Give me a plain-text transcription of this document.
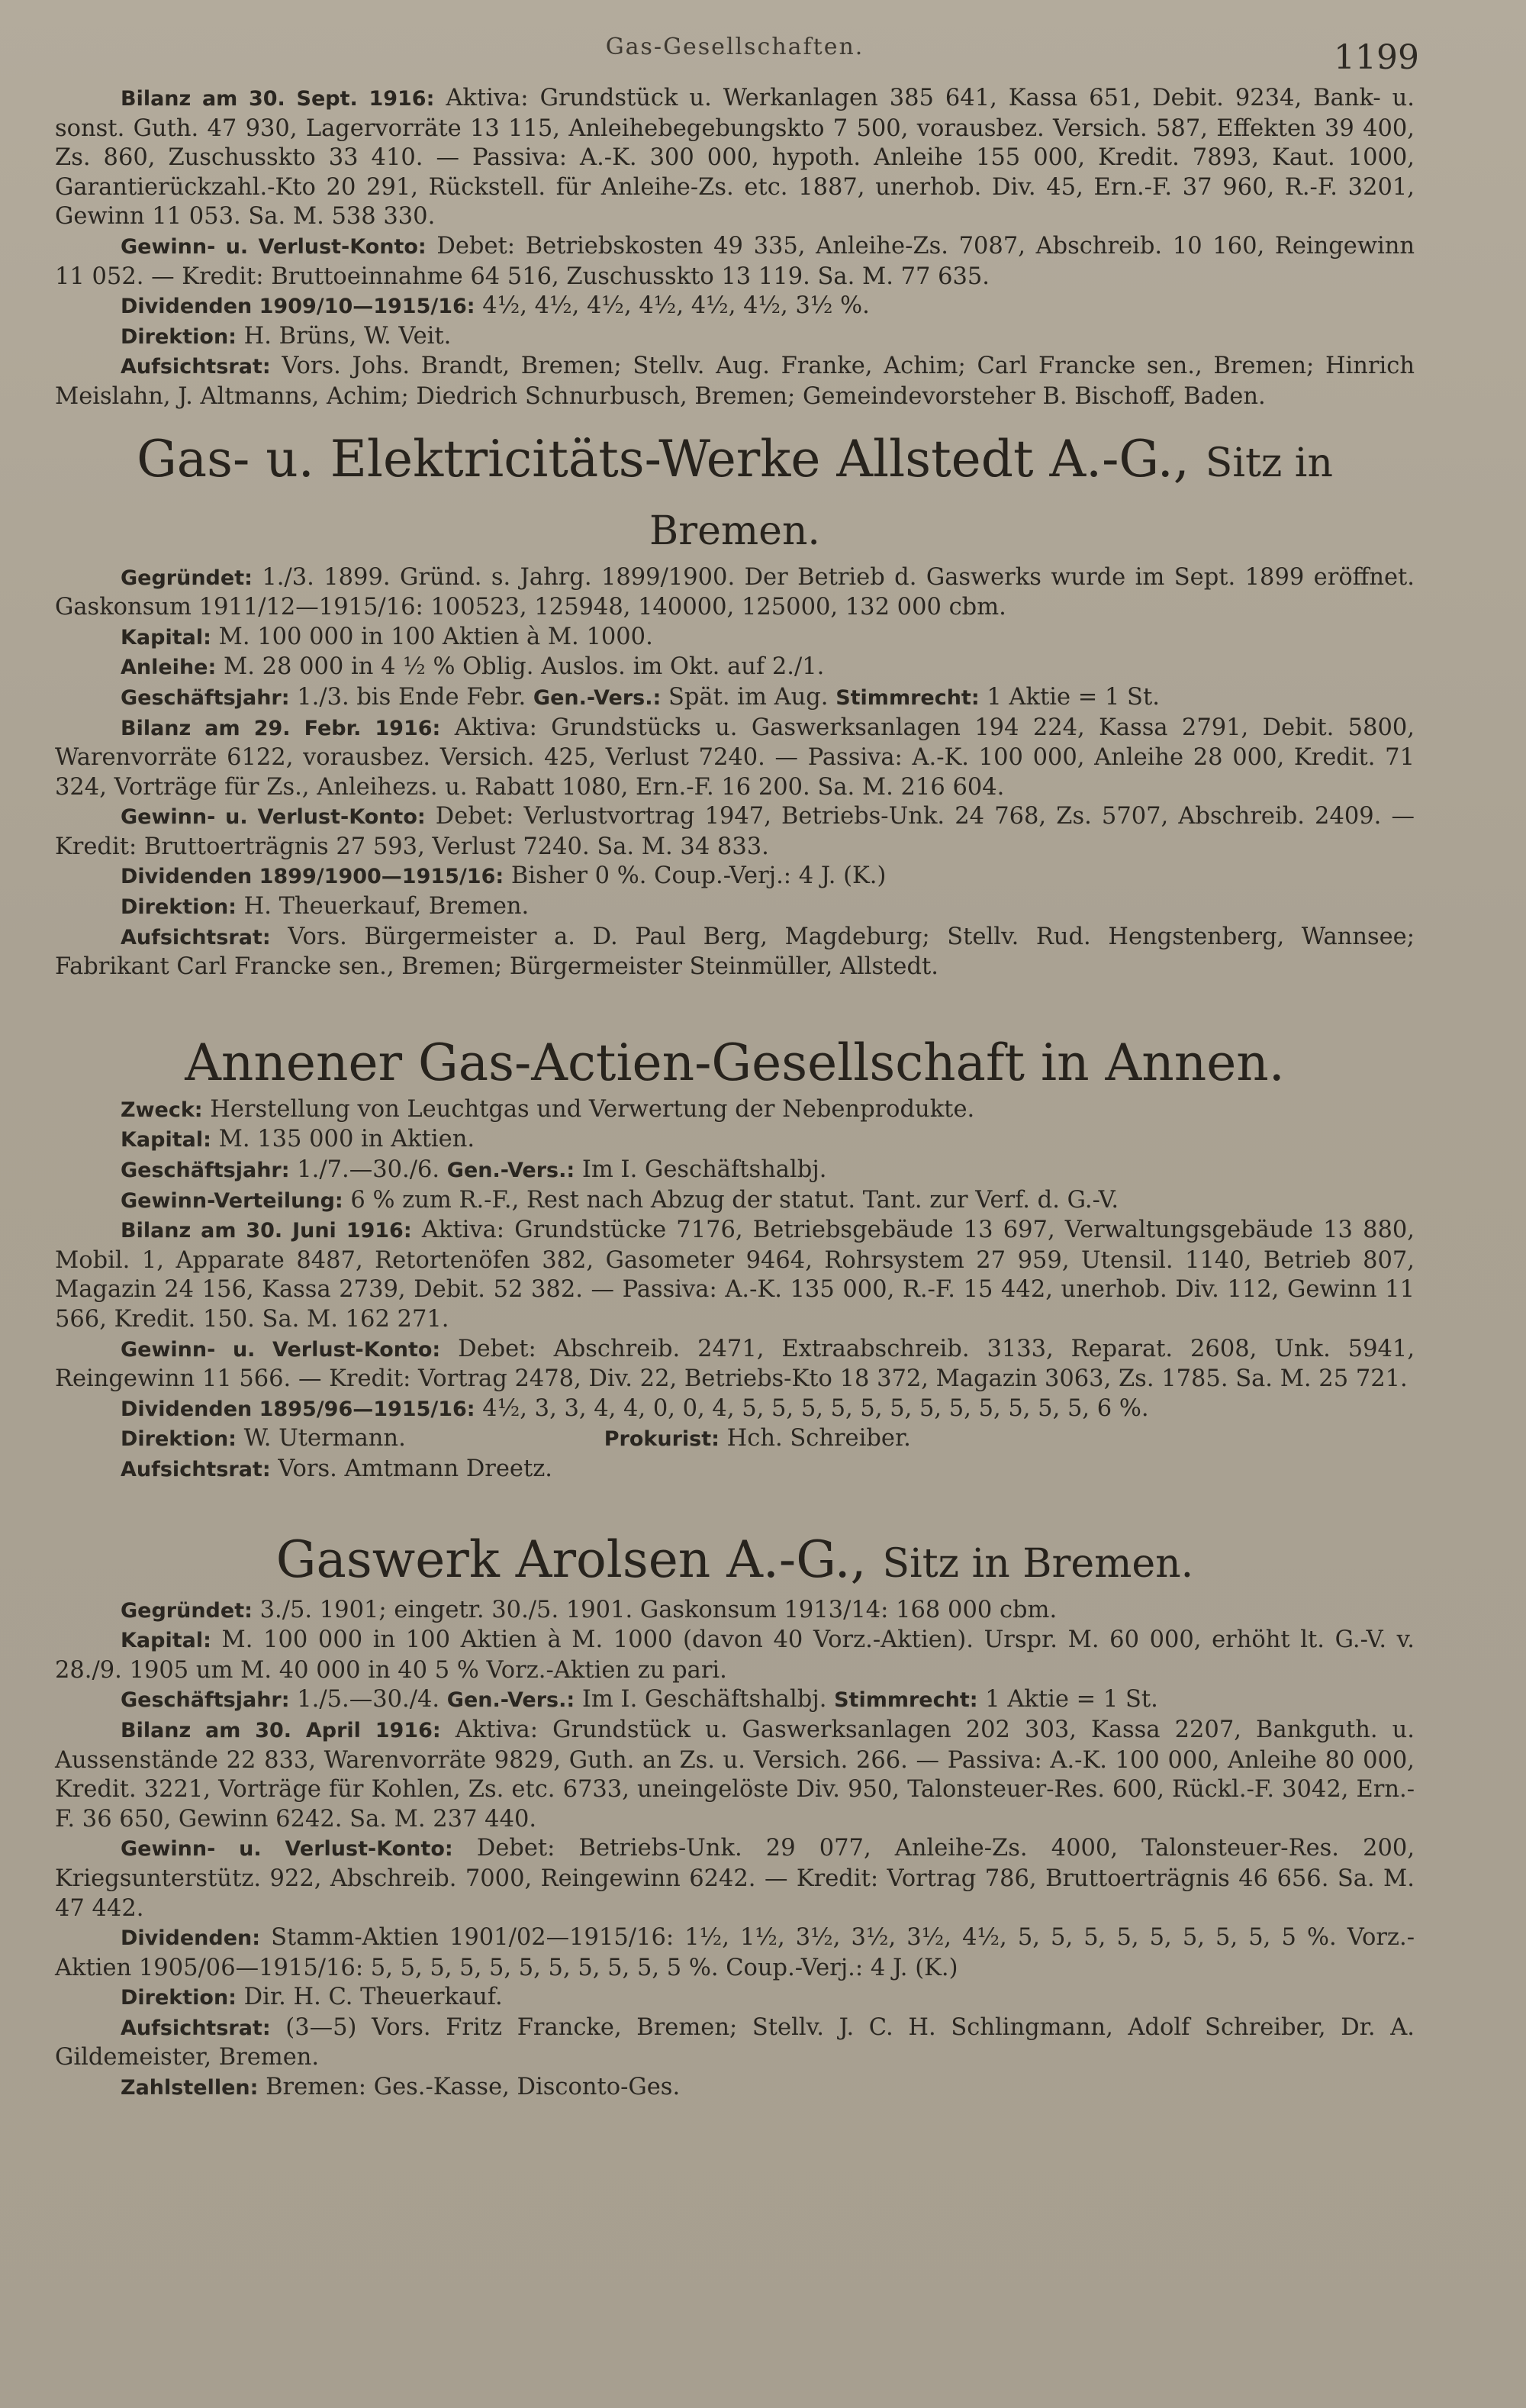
Gas-Gesellschaften.	1199

Bilanz am 30. Sept. 1916: Aktiva: Grundstück u. Werkanlagen 385 641, Kassa 651, Debit. 9234, Bank- u. sonst. Guth. 47 930, Lagervorräte 13 115, Anleihebegebungskto 7 500, vorausbez. Versich. 587, Effekten 39 400, Zs. 860, Zuschusskto 33 410. — Passiva: A.-K. 300 000, hypoth. Anleihe 155 000, Kredit. 7893, Kaut. 1000, Garantierückzahl.-Kto 20 291, Rückstell. für Anleihe-Zs. etc. 1887, unerhob. Div. 45, Ern.-F. 37 960, R.-F. 3201, Gewinn 11 053. Sa. M. 538 330.

Gewinn- u. Verlust-Konto: Debet: Betriebskosten 49 335, Anleihe-Zs. 7087, Abschreib. 10 160, Reingewinn 11 052. — Kredit: Bruttoeinnahme 64 516, Zuschusskto 13 119. Sa. M. 77 635.

Dividenden 1909/10—1915/16: 4½, 4½, 4½, 4½, 4½, 4½, 3½ %.

Direktion: H. Brüns, W. Veit.

Aufsichtsrat: Vors. Johs. Brandt, Bremen; Stellv. Aug. Franke, Achim; Carl Francke sen., Bremen; Hinrich Meislahn, J. Altmanns, Achim; Diedrich Schnurbusch, Bremen; Gemeindevorsteher B. Bischoff, Baden.

Gas- u. Elektricitäts-Werke Allstedt A.-G., Sitz in Bremen.

Gegründet: 1./3. 1899. Gründ. s. Jahrg. 1899/1900. Der Betrieb d. Gaswerks wurde im Sept. 1899 eröffnet. Gaskonsum 1911/12—1915/16: 100523, 125948, 140000, 125000, 132 000 cbm.

Kapital: M. 100 000 in 100 Aktien à M. 1000.

Anleihe: M. 28 000 in 4 ½ % Oblig. Auslos. im Okt. auf 2./1.

Geschäftsjahr: 1./3. bis Ende Febr. Gen.-Vers.: Spät. im Aug. Stimmrecht: 1 Aktie = 1 St.

Bilanz am 29. Febr. 1916: Aktiva: Grundstücks u. Gaswerksanlagen 194 224, Kassa 2791, Debit. 5800, Warenvorräte 6122, vorausbez. Versich. 425, Verlust 7240. — Passiva: A.-K. 100 000, Anleihe 28 000, Kredit. 71 324, Vorträge für Zs., Anleihezs. u. Rabatt 1080, Ern.-F. 16 200. Sa. M. 216 604.

Gewinn- u. Verlust-Konto: Debet: Verlustvortrag 1947, Betriebs-Unk. 24 768, Zs. 5707, Abschreib. 2409. — Kredit: Bruttoerträgnis 27 593, Verlust 7240. Sa. M. 34 833.

Dividenden 1899/1900—1915/16: Bisher 0 %. Coup.-Verj.: 4 J. (K.)

Direktion: H. Theuerkauf, Bremen.

Aufsichtsrat: Vors. Bürgermeister a. D. Paul Berg, Magdeburg; Stellv. Rud. Hengstenberg, Wannsee; Fabrikant Carl Francke sen., Bremen; Bürgermeister Steinmüller, Allstedt.

Annener Gas-Actien-Gesellschaft in Annen.

Zweck: Herstellung von Leuchtgas und Verwertung der Nebenprodukte.

Kapital: M. 135 000 in Aktien.

Geschäftsjahr: 1./7.—30./6. Gen.-Vers.: Im I. Geschäftshalbj.

Gewinn-Verteilung: 6 % zum R.-F., Rest nach Abzug der statut. Tant. zur Verf. d. G.-V.

Bilanz am 30. Juni 1916: Aktiva: Grundstücke 7176, Betriebsgebäude 13 697, Verwaltungsgebäude 13 880, Mobil. 1, Apparate 8487, Retortenöfen 382, Gasometer 9464, Rohrsystem 27 959, Utensil. 1140, Betrieb 807, Magazin 24 156, Kassa 2739, Debit. 52 382. — Passiva: A.-K. 135 000, R.-F. 15 442, unerhob. Div. 112, Gewinn 11 566, Kredit. 150. Sa. M. 162 271.

Gewinn- u. Verlust-Konto: Debet: Abschreib. 2471, Extraabschreib. 3133, Reparat. 2608, Unk. 5941, Reingewinn 11 566. — Kredit: Vortrag 2478, Div. 22, Betriebs-Kto 18 372, Magazin 3063, Zs. 1785. Sa. M. 25 721.

Dividenden 1895/96—1915/16: 4½, 3, 3, 4, 4, 0, 0, 4, 5, 5, 5, 5, 5, 5, 5, 5, 5, 5, 5, 5, 6 %.

Direktion: W. Utermann.	Prokurist: Hch. Schreiber.

Aufsichtsrat: Vors. Amtmann Dreetz.

Gaswerk Arolsen A.-G., Sitz in Bremen.

Gegründet: 3./5. 1901; eingetr. 30./5. 1901. Gaskonsum 1913/14: 168 000 cbm.

Kapital: M. 100 000 in 100 Aktien à M. 1000 (davon 40 Vorz.-Aktien). Urspr. M. 60 000, erhöht lt. G.-V. v. 28./9. 1905 um M. 40 000 in 40 5 % Vorz.-Aktien zu pari.

Geschäftsjahr: 1./5.—30./4. Gen.-Vers.: Im I. Geschäftshalbj. Stimmrecht: 1 Aktie = 1 St.

Bilanz am 30. April 1916: Aktiva: Grundstück u. Gaswerksanlagen 202 303, Kassa 2207, Bankguth. u. Aussenstände 22 833, Warenvorräte 9829, Guth. an Zs. u. Versich. 266. — Passiva: A.-K. 100 000, Anleihe 80 000, Kredit. 3221, Vorträge für Kohlen, Zs. etc. 6733, uneingelöste Div. 950, Talonsteuer-Res. 600, Rückl.-F. 3042, Ern.-F. 36 650, Gewinn 6242. Sa. M. 237 440.

Gewinn- u. Verlust-Konto: Debet: Betriebs-Unk. 29 077, Anleihe-Zs. 4000, Talonsteuer-Res. 200, Kriegsunterstütz. 922, Abschreib. 7000, Reingewinn 6242. — Kredit: Vortrag 786, Bruttoerträgnis 46 656. Sa. M. 47 442.

Dividenden: Stamm-Aktien 1901/02—1915/16: 1½, 1½, 3½, 3½, 3½, 4½, 5, 5, 5, 5, 5, 5, 5, 5, 5 %. Vorz.-Aktien 1905/06—1915/16: 5, 5, 5, 5, 5, 5, 5, 5, 5, 5, 5 %. Coup.-Verj.: 4 J. (K.)

Direktion: Dir. H. C. Theuerkauf.

Aufsichtsrat: (3—5) Vors. Fritz Francke, Bremen; Stellv. J. C. H. Schlingmann, Adolf Schreiber, Dr. A. Gildemeister, Bremen.

Zahlstellen: Bremen: Ges.-Kasse, Disconto-Ges.
